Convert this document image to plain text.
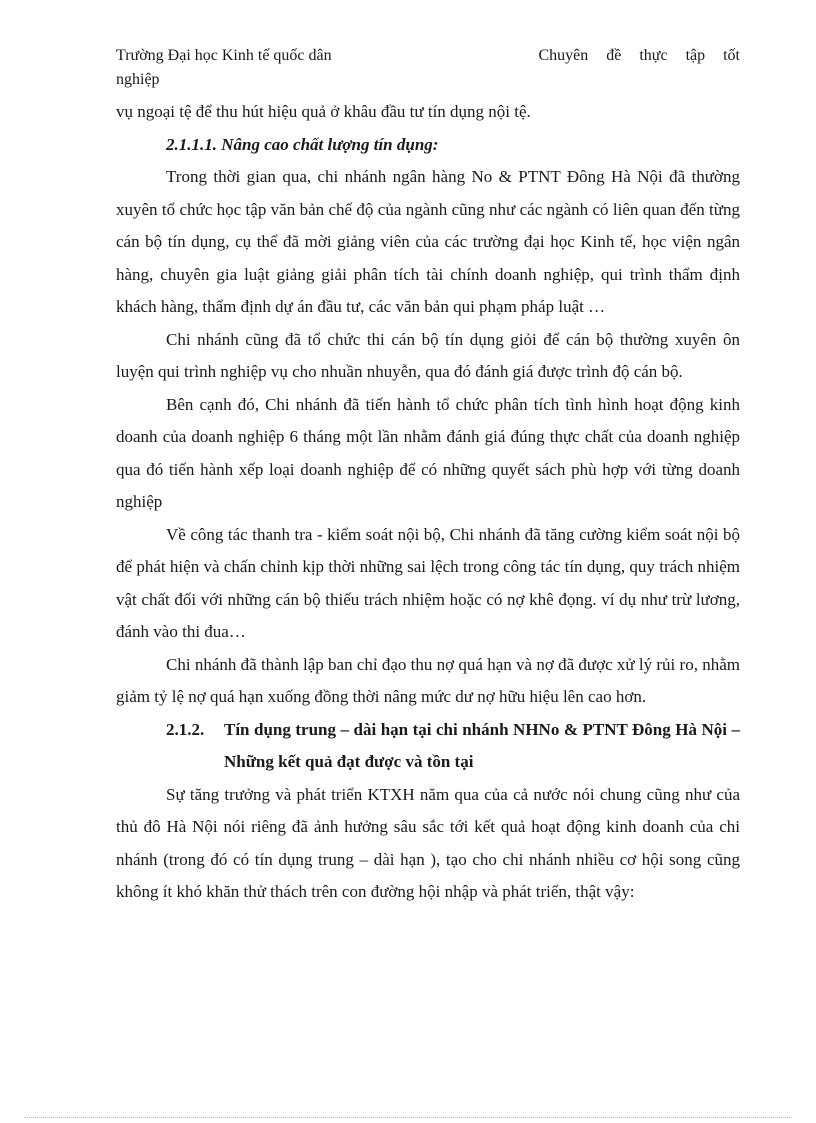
Trường Đại học Kinh tế quốc dân	Chuyên đề thực tập tốt
nghiệp

vụ ngoại tệ để thu hút hiệu quả ở khâu đầu tư tín dụng nội tệ.

2.1.1.1. Nâng cao chất lượng tín dụng:

Trong thời gian qua, chi nhánh ngân hàng No & PTNT Đông Hà Nội đã thường xuyên tổ chức học tập văn bản chế độ của ngành cũng như các ngành có liên quan đến từng cán bộ tín dụng, cụ thể đã mời giảng viên của các trường đại học Kinh tế, học viện ngân hàng, chuyên gia luật giảng giải phân tích tài chính doanh nghiệp, qui trình thẩm định khách hàng, thẩm định dự án đầu tư, các văn bản qui phạm pháp luật …

Chi nhánh cũng đã tổ chức thi cán bộ tín dụng giỏi để cán bộ thường xuyên ôn luyện qui trình nghiệp vụ cho nhuần nhuyễn, qua đó đánh giá được trình độ cán bộ.

Bên cạnh đó, Chi nhánh đã tiến hành tổ chức phân tích tình hình hoạt động kinh doanh của doanh nghiệp 6 tháng một lần nhằm đánh giá đúng thực chất của doanh nghiệp qua đó tiến hành xếp loại doanh nghiệp để có những quyết sách phù hợp với từng doanh nghiệp

Về công tác thanh tra - kiểm soát nội bộ, Chi nhánh đã tăng cường kiểm soát nội bộ để phát hiện và chấn chỉnh kịp thời những sai lệch trong công tác tín dụng, quy trách nhiệm vật chất đối với những cán bộ thiếu trách nhiệm hoặc có nợ khê đọng. ví dụ như trừ lương, đánh vào thi đua…

Chi nhánh đã thành lập ban chỉ đạo thu nợ quá hạn và nợ đã được xử lý rủi ro, nhằm giảm tỷ lệ nợ quá hạn xuống đồng thời nâng mức dư nợ hữu hiệu lên cao hơn.

2.1.2. Tín dụng trung – dài hạn tại chi nhánh NHNo & PTNT Đông Hà Nội – Những kết quả đạt được và tồn tại

Sự tăng trưởng và phát triển KTXH năm qua của cả nước nói chung cũng như của thủ đô Hà Nội nói riêng đã ảnh hưởng sâu sắc tới kết quả hoạt động kinh doanh của chi nhánh (trong đó có tín dụng trung – dài hạn ), tạo cho chi nhánh nhiều cơ hội song cũng không ít khó khăn thử thách trên con đường hội nhập và phát triển, thật vậy:
